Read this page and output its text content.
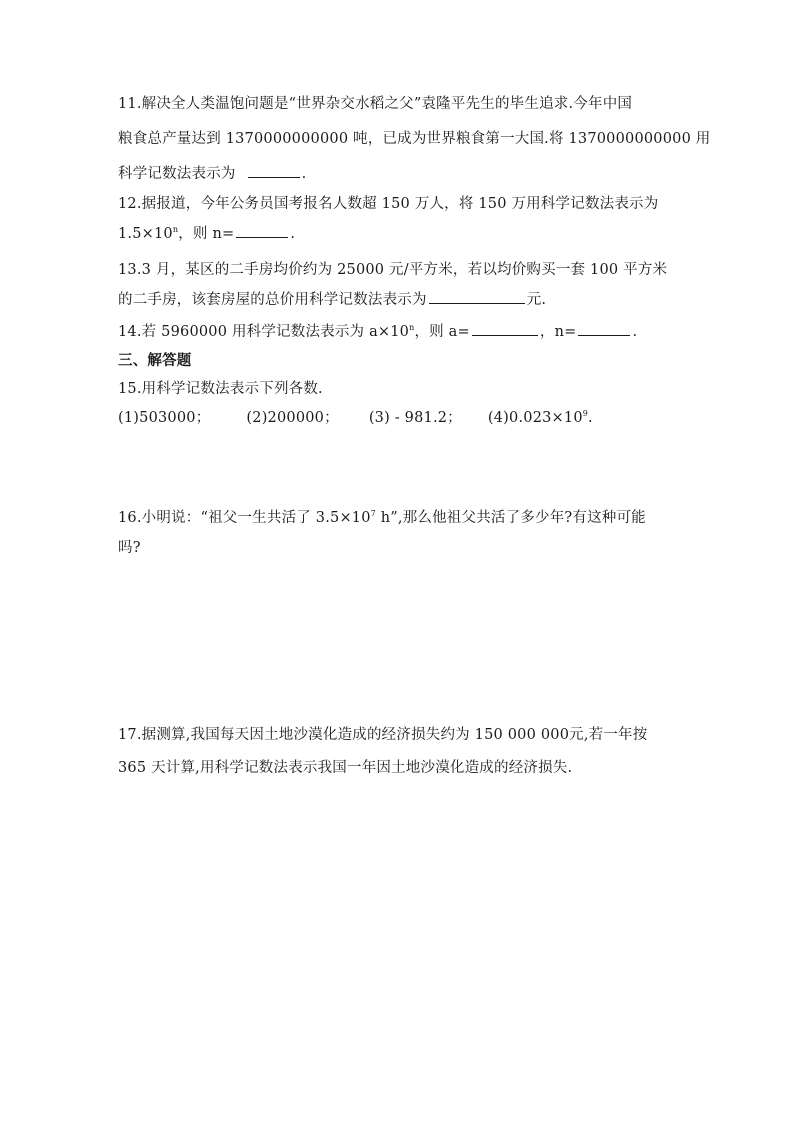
11.解决全人类温饱问题是“世界杂交水稻之父”袁隆平先生的毕生追求.今年中国
粮食总产量达到 1370000000000 吨，已成为世界粮食第一大国.将 1370000000000 用
科学记数法表示为	.
12.据报道，今年公务员国考报名人数超 150 万人，将 150 万用科学记数法表示为
$1.5\times 10^n$，则 n=	.
13.3 月，某区的二手房均价约为 25000 元/平方米，若以均价购买一套 100 平方米
的二手房，该套房屋的总价用科学记数法表示为	元.
14.若 5960000 用科学记数法表示为 $a\times 10^n$，则 a=	，n=	.
三、解答题
15.用科学记数法表示下列各数.
(1)503000； (2)200000； (3) - 981.2； $(4)0.023\times 10^9$.
16.小明说：“祖父一生共活了 $3.5\times 10^7$ h”,那么他祖父共活了多少年?有这种可能
吗?
17.据测算,我国每天因土地沙漠化造成的经济损失约为 150 000 000元,若一年按
365 天计算,用科学记数法表示我国一年因土地沙漠化造成的经济损失.
